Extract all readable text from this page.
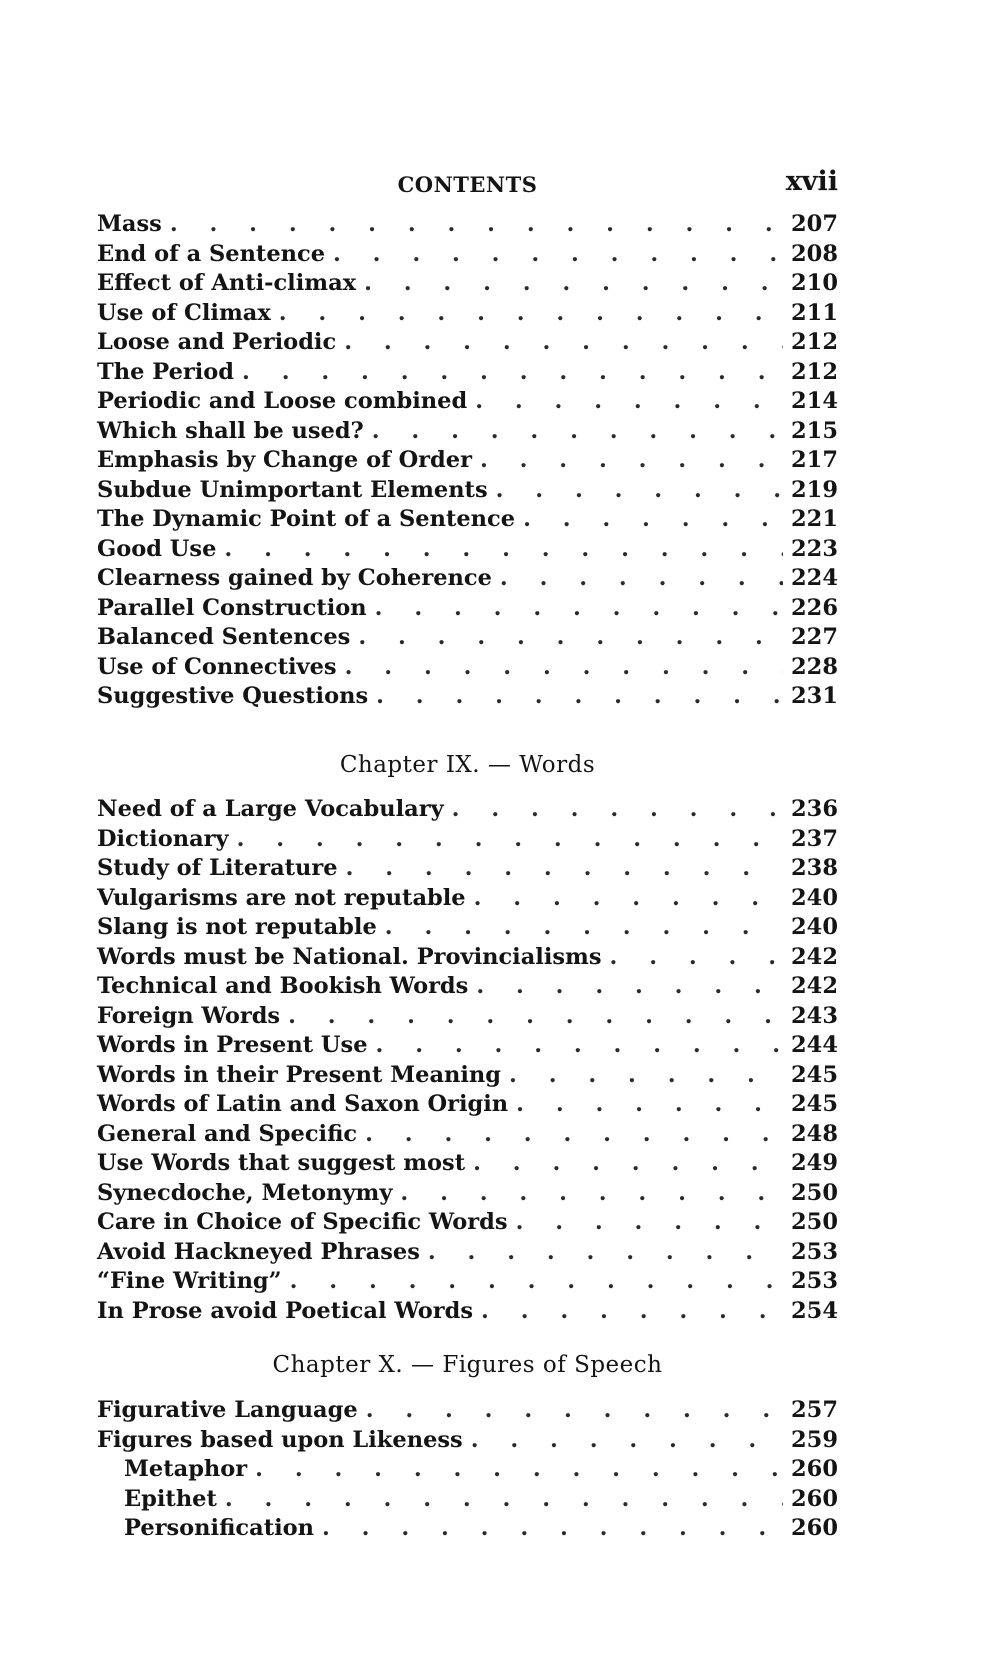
CONTENTS	xvii
Mass . . .	207
End of a Sentence . . .	208
Effect of Anti-climax . . .	210
Use of Climax . . .	211
Loose and Periodic . . .	212
The Period . . .	212
Periodic and Loose combined . . .	214
Which shall be used? . . .	215
Emphasis by Change of Order . . .	217
Subdue Unimportant Elements . . .	219
The Dynamic Point of a Sentence . . .	221
Good Use . . .	223
Clearness gained by Coherence . . .	224
Parallel Construction . . .	226
Balanced Sentences . . .	227
Use of Connectives . . .	228
Suggestive Questions . . .	231
Chapter IX. — Words
Need of a Large Vocabulary . . .	236
Dictionary . . .	237
Study of Literature . . .	238
Vulgarisms are not reputable . . .	240
Slang is not reputable . . .	240
Words must be National. Provincialisms . . .	242
Technical and Bookish Words . . .	242
Foreign Words . . .	243
Words in Present Use . . .	244
Words in their Present Meaning . . .	245
Words of Latin and Saxon Origin . . .	245
General and Specific . . .	248
Use Words that suggest most . . .	249
Synecdoche, Metonymy . . .	250
Care in Choice of Specific Words . . .	250
Avoid Hackneyed Phrases . . .	253
“Fine Writing” . . .	253
In Prose avoid Poetical Words . . .	254
Chapter X. — Figures of Speech
Figurative Language . . .	257
Figures based upon Likeness . . .	259
Metaphor . . .	260
Epithet . . .	260
Personification . . .	260
